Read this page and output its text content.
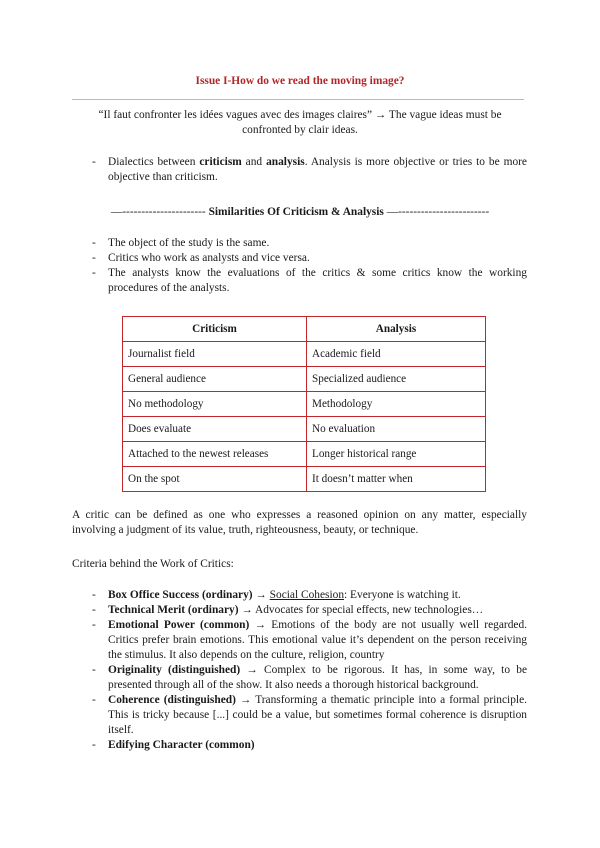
Issue I-How do we read the moving image?
“Il faut confronter les idées vagues avec des images claires” → The vague ideas must be confronted by clair ideas.
- Dialectics between criticism and analysis. Analysis is more objective or tries to be more objective than criticism.
—---------------------- Similarities Of Criticism & Analysis —------------------------
- The object of the study is the same.
- Critics who work as analysts and vice versa.
- The analysts know the evaluations of the critics & some critics know the working procedures of the analysts.
Criticism	Analysis
Journalist field	Academic field
General audience	Specialized audience
No methodology	Methodology
Does evaluate	No evaluation
Attached to the newest releases	Longer historical range
On the spot	It doesn’t matter when
A critic can be defined as one who expresses a reasoned opinion on any matter, especially involving a judgment of its value, truth, righteousness, beauty, or technique.
Criteria behind the Work of Critics:
- Box Office Success (ordinary) → Social Cohesion: Everyone is watching it.
- Technical Merit (ordinary) → Advocates for special effects, new technologies…
- Emotional Power (common) → Emotions of the body are not usually well regarded. Critics prefer brain emotions. This emotional value it’s dependent on the person receiving the stimulus. It also depends on the culture, religion, country
- Originality (distinguished) → Complex to be rigorous. It has, in some way, to be presented through all of the show. It also needs a thorough historical background.
- Coherence (distinguished) → Transforming a thematic principle into a formal principle. This is tricky because [...] could be a value, but sometimes formal coherence is disruption itself.
- Edifying Character (common)
